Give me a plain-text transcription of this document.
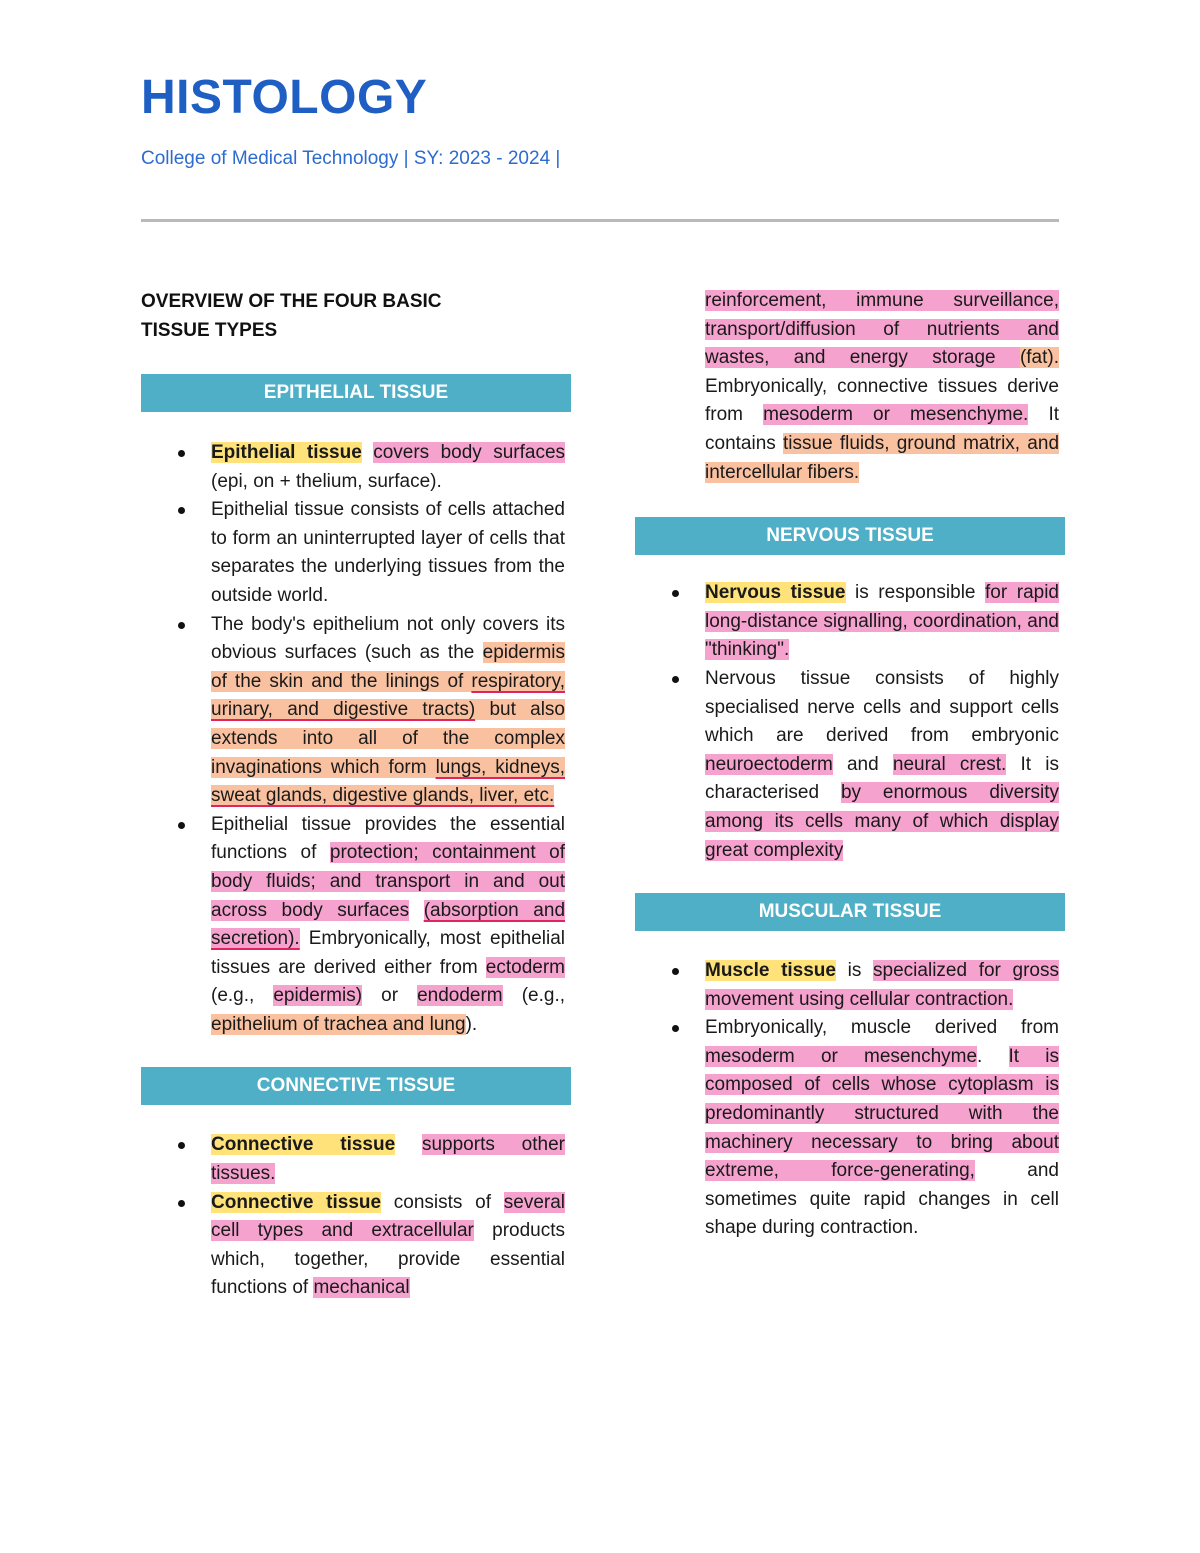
HISTOLOGY

College of Medical Technology | SY: 2023 - 2024 |

OVERVIEW OF THE FOUR BASIC TISSUE TYPES

EPITHELIAL TISSUE
Epithelial tissue covers body surfaces (epi, on + thelium, surface).
Epithelial tissue consists of cells attached to form an uninterrupted layer of cells that separates the underlying tissues from the outside world.
The body's epithelium not only covers its obvious surfaces (such as the epidermis of the skin and the linings of respiratory, urinary, and digestive tracts) but also extends into all of the complex invaginations which form lungs, kidneys, sweat glands, digestive glands, liver, etc.
Epithelial tissue provides the essential functions of protection; containment of body fluids; and transport in and out across body surfaces (absorption and secretion). Embryonically, most epithelial tissues are derived either from ectoderm (e.g., epidermis) or endoderm (e.g., epithelium of trachea and lung).
CONNECTIVE TISSUE
Connective tissue supports other tissues.
Connective tissue consists of several cell types and extracellular products which, together, provide essential functions of mechanical

reinforcement, immune surveillance, transport/diffusion of nutrients and wastes, and energy storage (fat). Embryonically, connective tissues derive from mesoderm or mesenchyme. It contains tissue fluids, ground matrix, and intercellular fibers.

NERVOUS TISSUE
Nervous tissue is responsible for rapid long-distance signalling, coordination, and "thinking".
Nervous tissue consists of highly specialised nerve cells and support cells which are derived from embryonic neuroectoderm and neural crest. It is characterised by enormous diversity among its cells many of which display great complexity
MUSCULAR TISSUE
Muscle tissue is specialized for gross movement using cellular contraction.
Embryonically, muscle derived from mesoderm or mesenchyme. It is composed of cells whose cytoplasm is predominantly structured with the machinery necessary to bring about extreme, force-generating, and sometimes quite rapid changes in cell shape during contraction.
